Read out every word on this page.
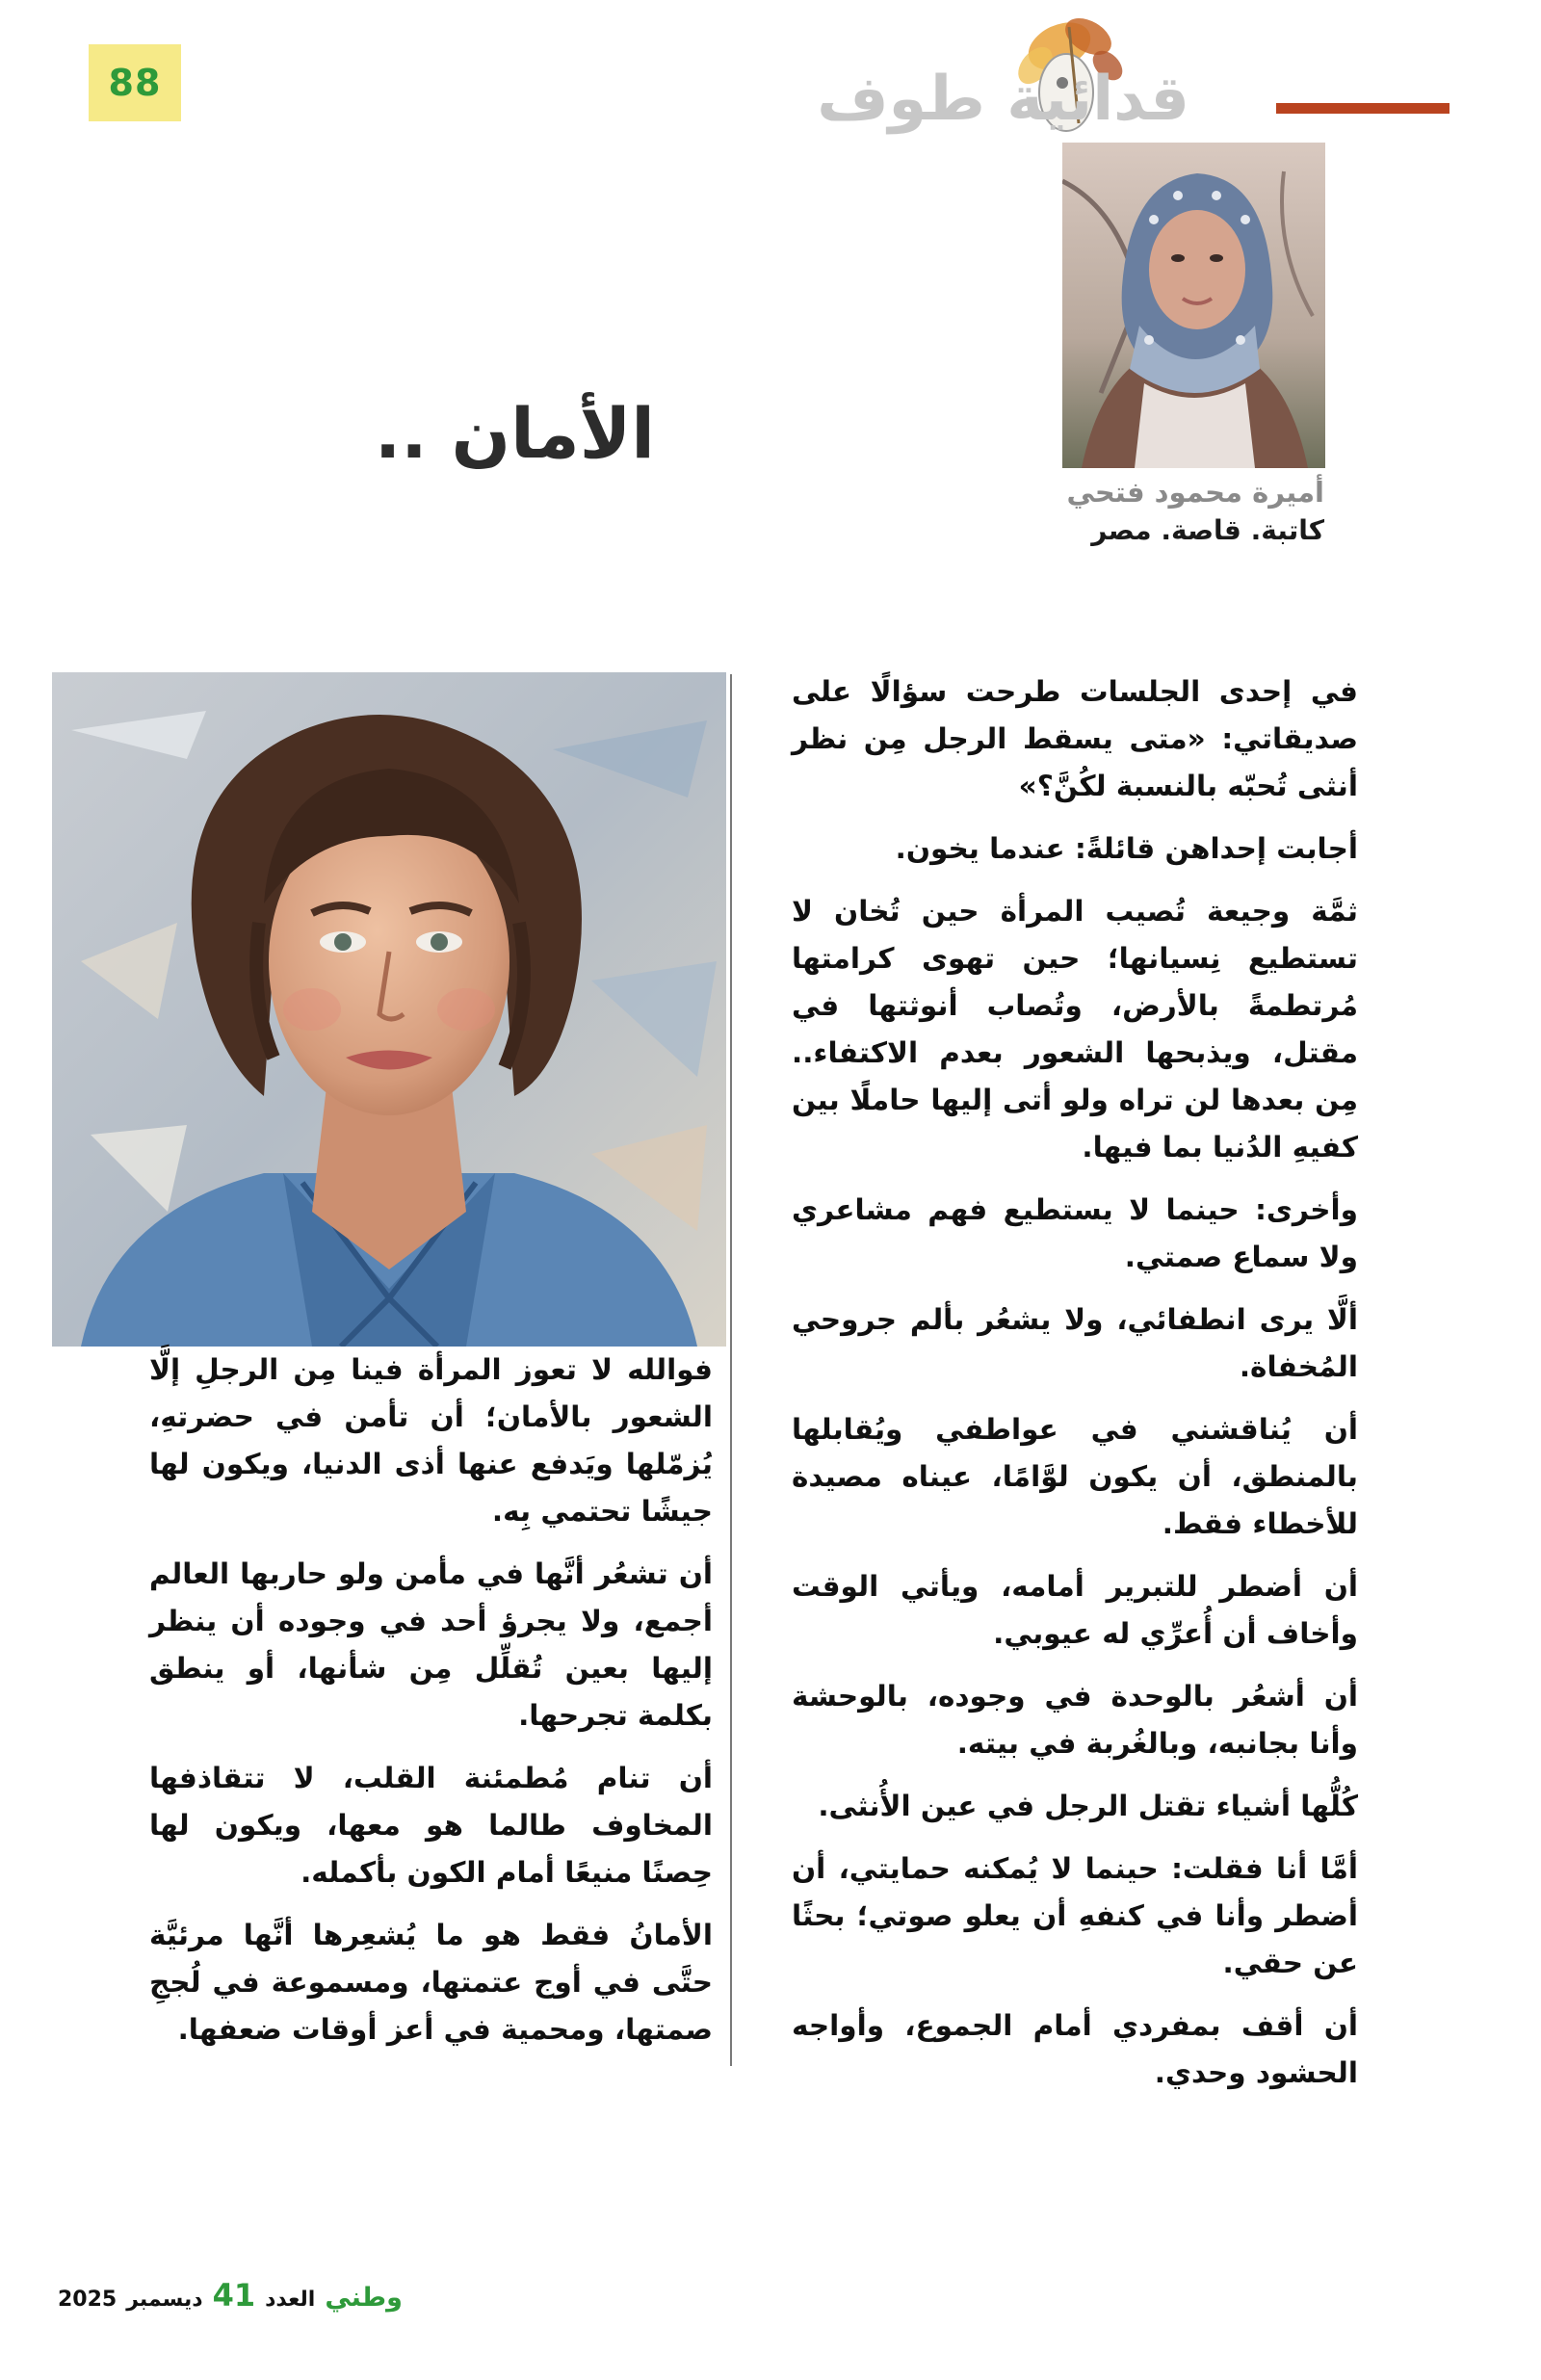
88	قدائية طوف
أميرة محمود فتحي
كاتبة. قاصة. مصر
الأمان ..

في إحدى الجلسات طرحت سؤالًا على صديقاتي: «متى يسقط الرجل مِن نظر أنثى تُحبّه بالنسبة لكُنَّ؟»

أجابت إحداهن قائلةً: عندما يخون.

ثمَّة وجيعة تُصيب المرأة حين تُخان لا تستطيع نِسيانها؛ حين تهوى كرامتها مُرتطمةً بالأرض، وتُصاب أنوثتها في مقتل، ويذبحها الشعور بعدم الاكتفاء.. مِن بعدها لن تراه ولو أتى إليها حاملًا بين كفيهِ الدُنيا بما فيها.

وأخرى: حينما لا يستطيع فهم مشاعري ولا سماع صمتي.

ألَّا يرى انطفائي، ولا يشعُر بألم جروحي المُخفاة.

أن يُناقشني في عواطفي ويُقابلها بالمنطق، أن يكون لوَّامًا، عيناه مصيدة للأخطاء فقط.

أن أضطر للتبرير أمامه، ويأتي الوقت وأخاف أن أُعرِّي له عيوبي.

أن أشعُر بالوحدة في وجوده، بالوحشة وأنا بجانبه، وبالغُربة في بيته.

كُلُّها أشياء تقتل الرجل في عين الأُنثى.

أمَّا أنا فقلت: حينما لا يُمكنه حمايتي، أن أضطر وأنا في كنفهِ أن يعلو صوتي؛ بحثًا عن حقي.

أن أقف بمفردي أمام الجموع، وأواجه الحشود وحدي.

فوالله لا تعوز المرأة فينا مِن الرجلِ إلَّا الشعور بالأمان؛ أن تأمن في حضرتهِ، يُزمّلها ويَدفع عنها أذى الدنيا، ويكون لها جيشًا تحتمي بِه.

أن تشعُر أنَّها في مأمن ولو حاربها العالم أجمع، ولا يجرؤ أحد في وجوده أن ينظر إليها بعين تُقلِّل مِن شأنها، أو ينطق بكلمة تجرحها.

أن تنام مُطمئنة القلب، لا تتقاذفها المخاوف طالما هو معها، ويكون لها حِصنًا منيعًا أمام الكون بأكمله.

الأمانُ فقط هو ما يُشعِرها أنَّها مرئيَّة حتَّى في أوج عتمتها، ومسموعة في لُججِ صمتها، ومحمية في أعز أوقات ضعفها.

2025 ديسمبر 41 العدد وطني
